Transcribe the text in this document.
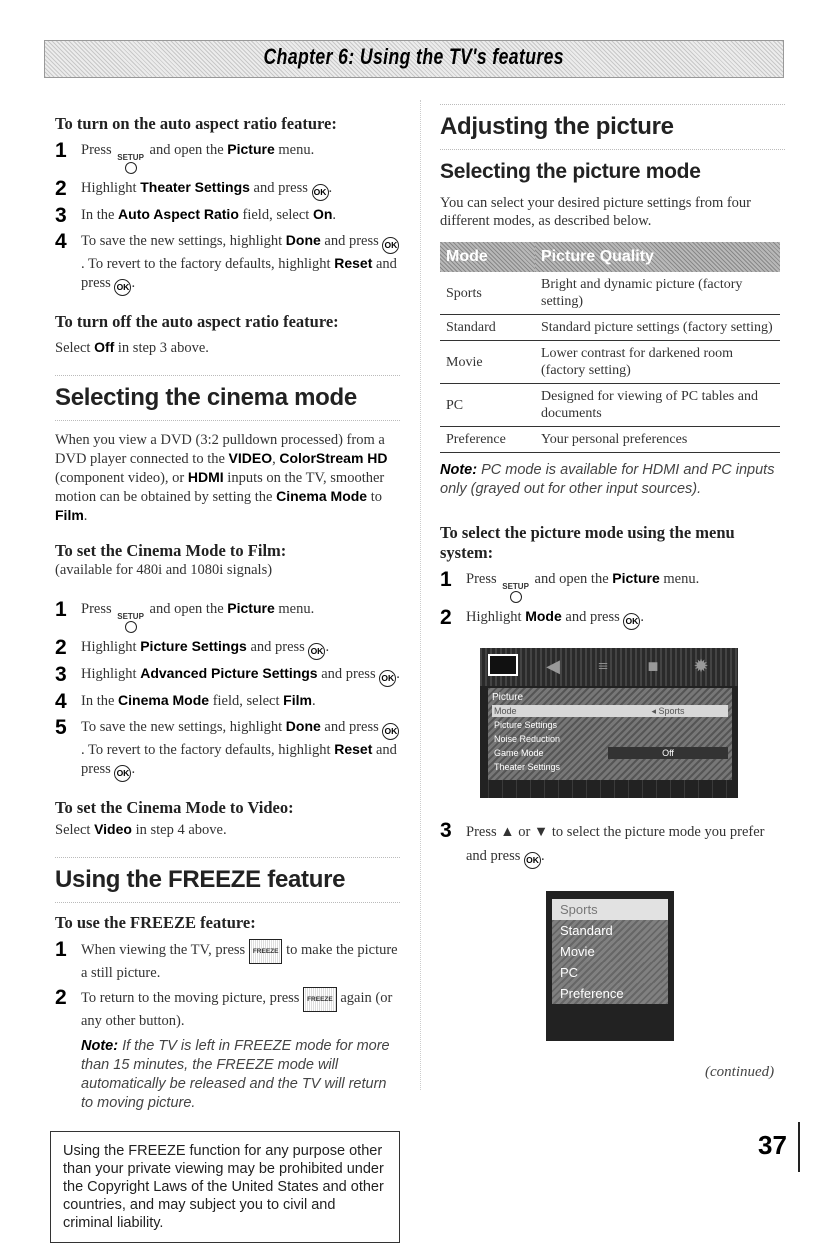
Chapter 6: Using the TV's features
To turn on the auto aspect ratio feature:
1 Press SETUP and open the Picture menu.
2 Highlight Theater Settings and press OK .
3 In the Auto Aspect Ratio field, select On.
4 To save the new settings, highlight Done and press OK. To revert to the factory defaults, highlight Reset and press OK .
To turn off the auto aspect ratio feature:
Select Off in step 3 above.
Selecting the cinema mode
When you view a DVD (3:2 pulldown processed) from a DVD player connected to the VIDEO, ColorStream HD (component video), or HDMI inputs on the TV, smoother motion can be obtained by setting the Cinema Mode to Film.
To set the Cinema Mode to Film:
(available for 480i and 1080i signals)
1 Press SETUP and open the Picture menu.
2 Highlight Picture Settings and press OK .
3 Highlight Advanced Picture Settings and press OK .
4 In the Cinema Mode field, select Film.
5 To save the new settings, highlight Done and press OK. To revert to the factory defaults, highlight Reset and press OK .
To set the Cinema Mode to Video:
Select Video in step 4 above.
Using the FREEZE feature
To use the FREEZE feature:
1 When viewing the TV, press FREEZE to make the picture a still picture.
2 To return to the moving picture, press FREEZE again (or any other button).
Note: If the TV is left in FREEZE mode for more than 15 minutes, the FREEZE mode will automatically be released and the TV will return to moving picture.
Using the FREEZE function for any purpose other than your private viewing may be prohibited under the Copyright Laws of the United States and other countries, and may subject you to civil and criminal liability.
Adjusting the picture
Selecting the picture mode
You can select your desired picture settings from four different modes, as described below.
Mode	Picture Quality
Sports	Bright and dynamic picture (factory setting)
Standard	Standard picture settings (factory setting)
Movie	Lower contrast for darkened room (factory setting)
PC	Designed for viewing of PC tables and documents
Preference	Your personal preferences
Note: PC mode is available for HDMI and PC inputs only (grayed out for other input sources).
To select the picture mode using the menu system:
1 Press SETUP and open the Picture menu.
2 Highlight Mode and press OK .
◀	≡	■	✹
Picture
Mode	◂ Sports
Picture Settings
Noise Reduction
Game Mode	Off
Theater Settings
3 Press ▲ or ▼ to select the picture mode you prefer and press OK .
Sports
Standard
Movie
PC
Preference
(continued)
37
